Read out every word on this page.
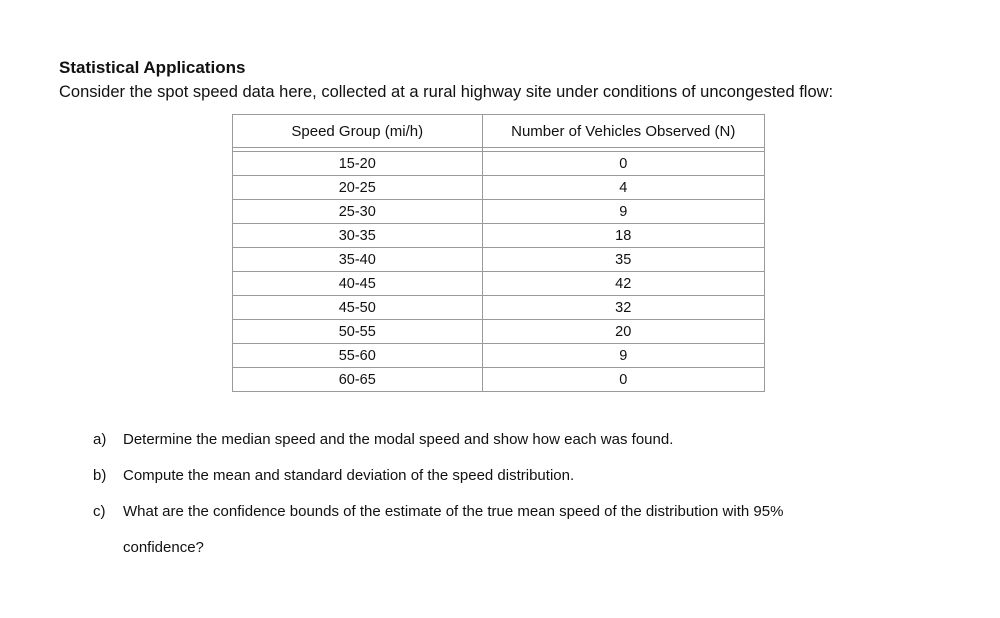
Statistical Applications
Consider the spot speed data here, collected at a rural highway site under conditions of uncongested flow:
Speed Group (mi/h)	Number of Vehicles Observed (N)

15-20	0
20-25	4
25-30	9
30-35	18
35-40	35
40-45	42
45-50	32
50-55	20
55-60	9
60-65	0
a) Determine the median speed and the modal speed and show how each was found.
b) Compute the mean and standard deviation of the speed distribution.
c) What are the confidence bounds of the estimate of the true mean speed of the distribution with 95%
confidence?
